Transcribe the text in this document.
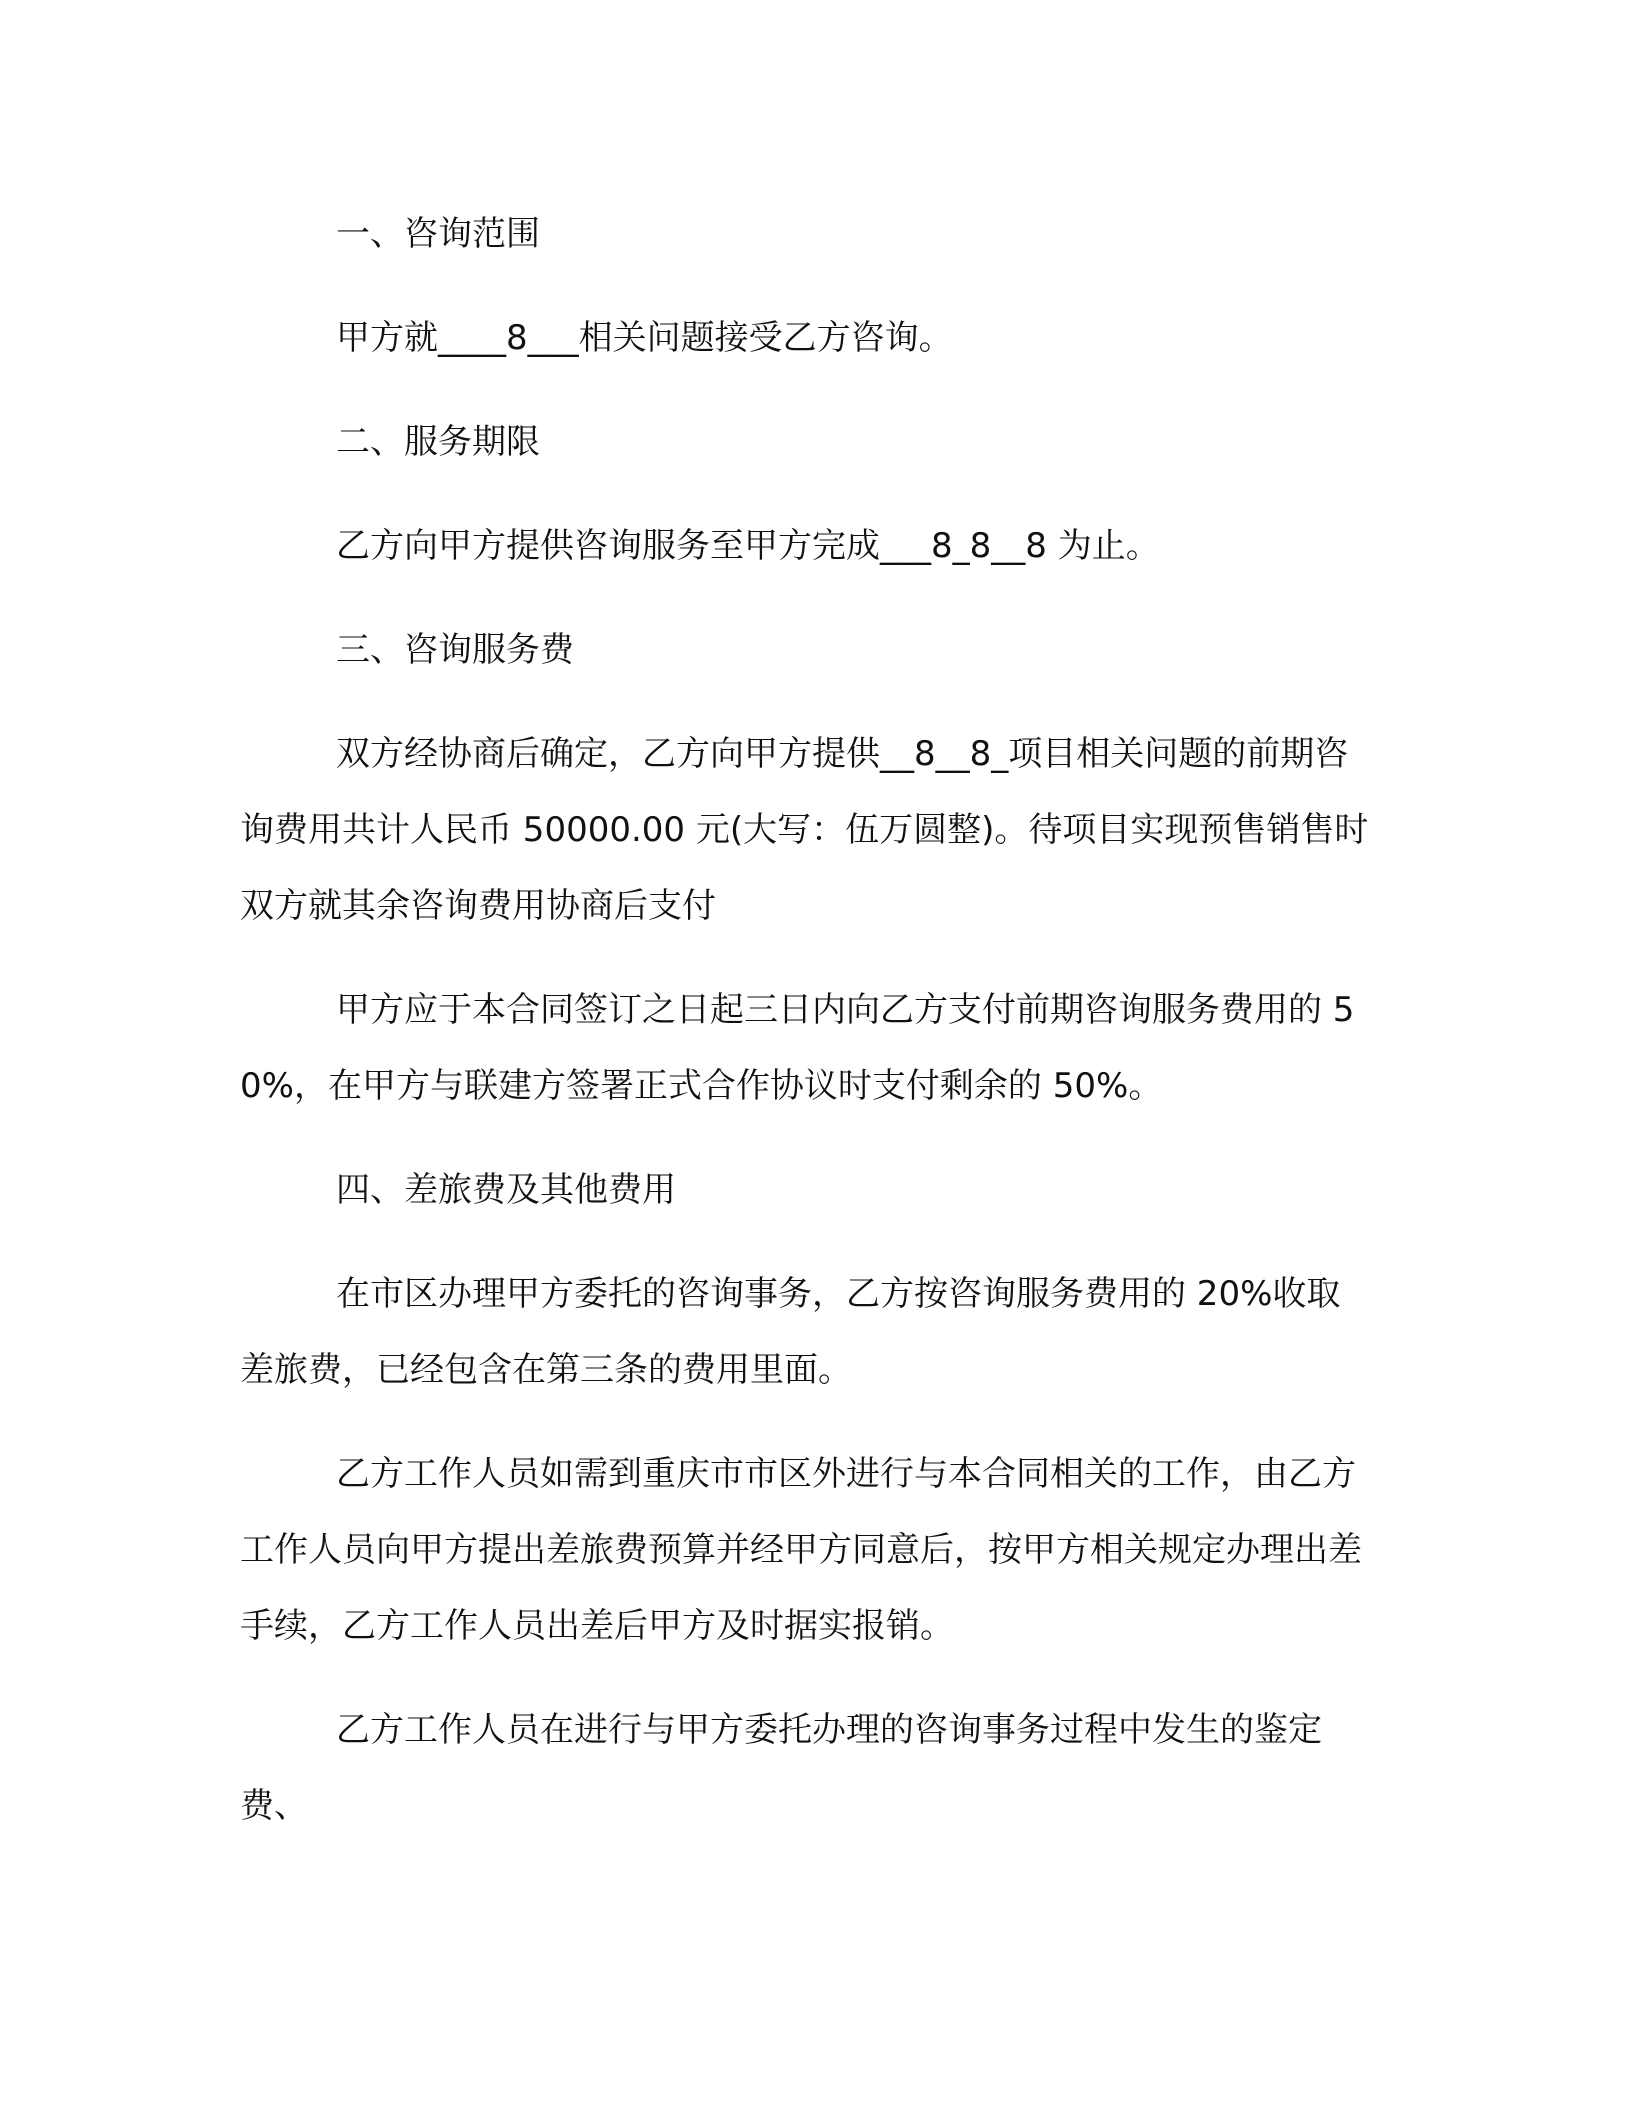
一、咨询范围

甲方就____8___相关问题接受乙方咨询。

二、服务期限

乙方向甲方提供咨询服务至甲方完成___8_8__8 为止。

三、咨询服务费

双方经协商后确定，乙方向甲方提供__8__8_项目相关问题的前期咨询费用共计人民币 50000.00 元(大写：伍万圆整)。待项目实现预售销售时双方就其余咨询费用协商后支付

甲方应于本合同签订之日起三日内向乙方支付前期咨询服务费用的 50%，在甲方与联建方签署正式合作协议时支付剩余的 50%。

四、差旅费及其他费用

在市区办理甲方委托的咨询事务，乙方按咨询服务费用的 20%收取差旅费，已经包含在第三条的费用里面。

乙方工作人员如需到重庆市市区外进行与本合同相关的工作，由乙方工作人员向甲方提出差旅费预算并经甲方同意后，按甲方相关规定办理出差手续，乙方工作人员出差后甲方及时据实报销。

乙方工作人员在进行与甲方委托办理的咨询事务过程中发生的鉴定费、
